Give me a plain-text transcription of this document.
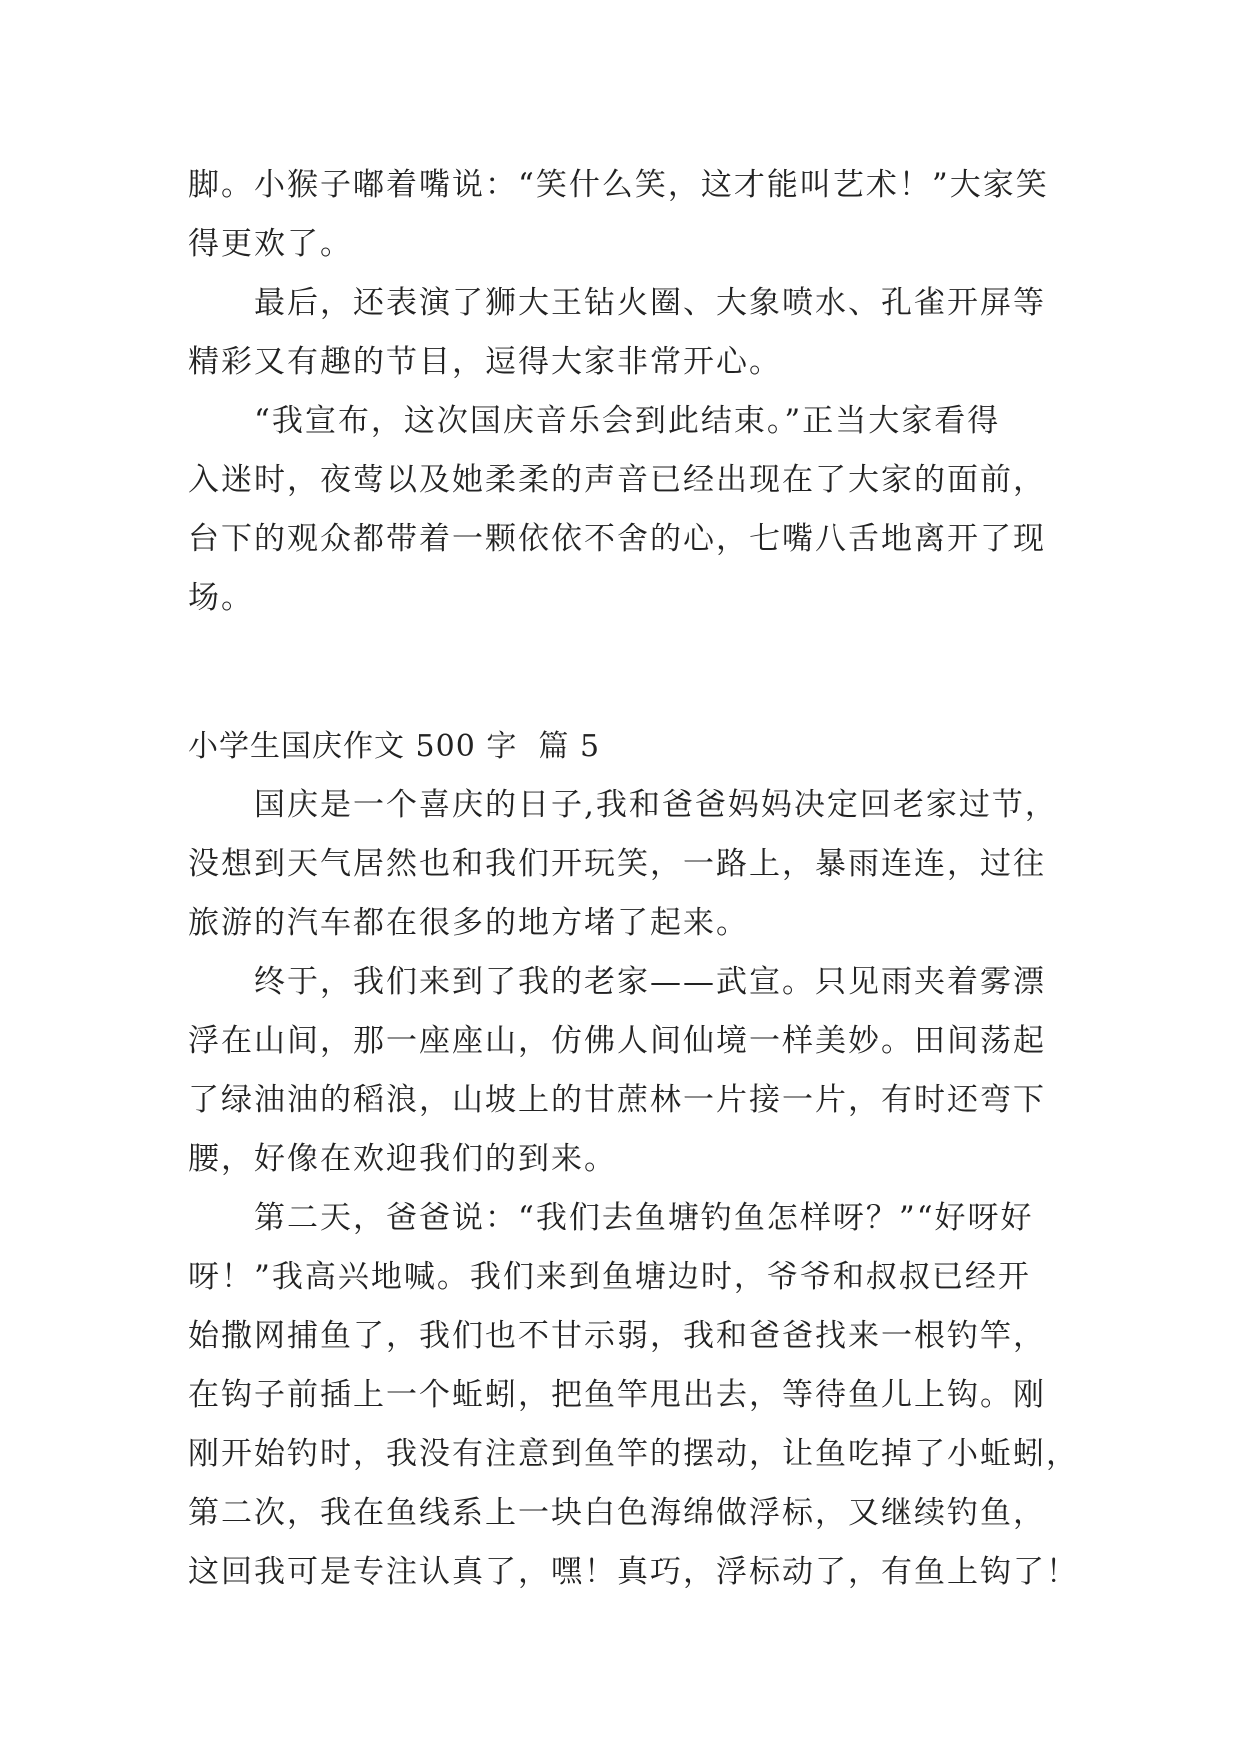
脚。小猴子嘟着嘴说：“笑什么笑，这才能叫艺术！”大家笑
得更欢了。
最后，还表演了狮大王钻火圈、大象喷水、孔雀开屏等
精彩又有趣的节目，逗得大家非常开心。
“我宣布，这次国庆音乐会到此结束。”正当大家看得
入迷时，夜莺以及她柔柔的声音已经出现在了大家的面前，
台下的观众都带着一颗依依不舍的心，七嘴八舌地离开了现
场。
小学生国庆作文 500 字  篇 5
国庆是一个喜庆的日子,我和爸爸妈妈决定回老家过节，
没想到天气居然也和我们开玩笑，一路上，暴雨连连，过往
旅游的汽车都在很多的地方堵了起来。
终于，我们来到了我的老家——武宣。只见雨夹着雾漂
浮在山间，那一座座山，仿佛人间仙境一样美妙。田间荡起
了绿油油的稻浪，山坡上的甘蔗林一片接一片，有时还弯下
腰，好像在欢迎我们的到来。
第二天，爸爸说：“我们去鱼塘钓鱼怎样呀？”“好呀好
呀！”我高兴地喊。我们来到鱼塘边时，爷爷和叔叔已经开
始撒网捕鱼了，我们也不甘示弱，我和爸爸找来一根钓竿，
在钩子前插上一个蚯蚓，把鱼竿甩出去，等待鱼儿上钩。刚
刚开始钓时，我没有注意到鱼竿的摆动，让鱼吃掉了小蚯蚓，
第二次，我在鱼线系上一块白色海绵做浮标，又继续钓鱼，
这回我可是专注认真了，嘿！真巧，浮标动了，有鱼上钩了！
